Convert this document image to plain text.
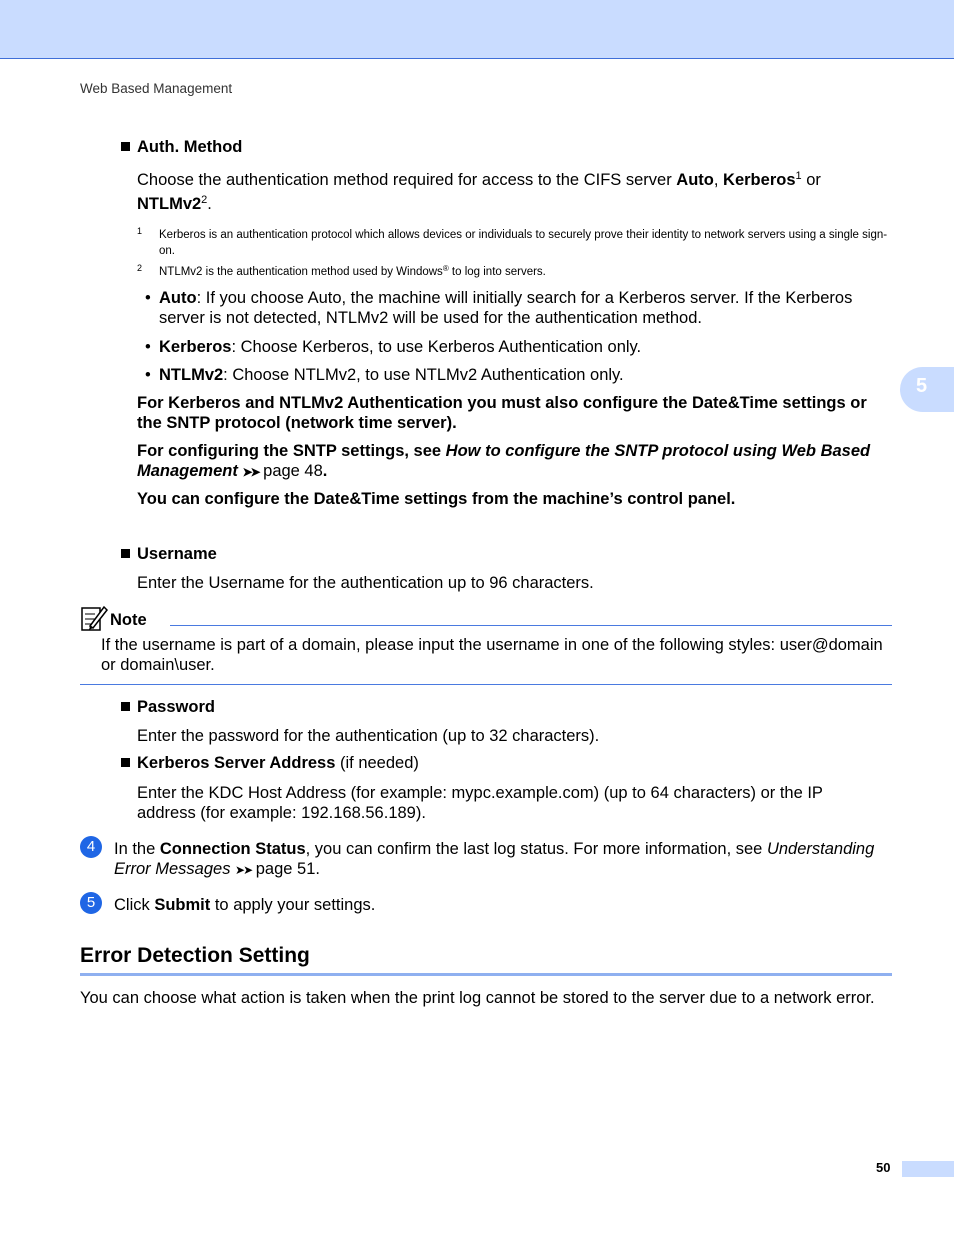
Web Based Management
5
Auth. Method
Choose the authentication method required for access to the CIFS server Auto, Kerberos$^1$ or
$NTLMv2^2$.
1 Kerberos is an authentication protocol which allows devices or individuals to securely prove their identity to network servers using a single sign-on.
2 NTLMv2 is the authentication method used by Windows® to log into servers.
• Auto: If you choose Auto, the machine will initially search for a Kerberos server. If the Kerberos server is not detected, NTLMv2 will be used for the authentication method.
• Kerberos: Choose Kerberos, to use Kerberos Authentication only.
• NTLMv2: Choose NTLMv2, to use NTLMv2 Authentication only.
For Kerberos and NTLMv2 Authentication you must also configure the Date&Time settings or the SNTP protocol (network time server).
For configuring the SNTP settings, see How to configure the SNTP protocol using Web Based Management ➤➤ page 48.
You can configure the Date&Time settings from the machine’s control panel.
Username
Enter the Username for the authentication up to 96 characters.
Note
If the username is part of a domain, please input the username in one of the following styles: user@domain or domain\user.
Password
Enter the password for the authentication (up to 32 characters).
Kerberos Server Address (if needed)
Enter the KDC Host Address (for example: mypc.example.com) (up to 64 characters) or the IP address (for example: 192.168.56.189).
4	In the Connection Status, you can confirm the last log status. For more information, see Understanding Error Messages ➤➤ page 51.
5	Click Submit to apply your settings.
Error Detection Setting
You can choose what action is taken when the print log cannot be stored to the server due to a network error.
50
